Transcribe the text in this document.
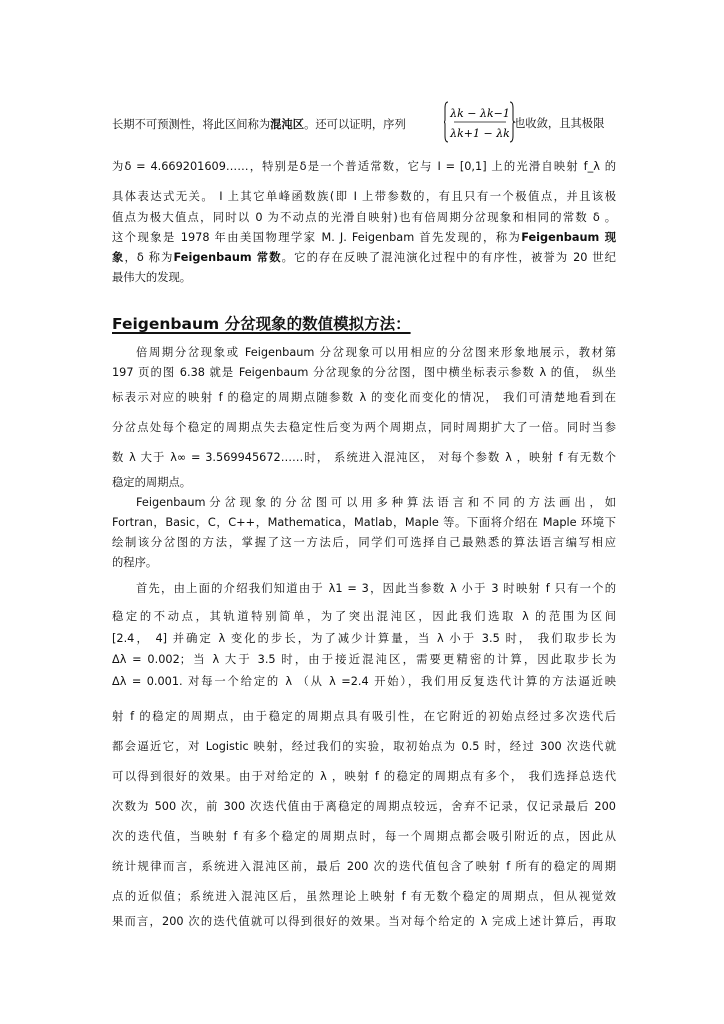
长期不可预测性，将此区间称为混沌区。还可以证明，序列

λk − λk−1
λk+1 − λk

也收敛，且其极限

为δ = 4.669201609……，特别是δ是一个普适常数，它与 I = [0,1] 上的光滑自映射 f_λ 的

具体表达式无关。 I 上其它单峰函数族(即 I 上带参数的，有且只有一个极值点，并且该极

值点为极大值点，同时以 0 为不动点的光滑自映射)也有倍周期分岔现象和相同的常数 δ 。

这个现象是 1978 年由美国物理学家 M. J. Feigenbam 首先发现的，称为Feigenbaum 现

象，δ 称为Feigenbaum 常数。它的存在反映了混沌演化过程中的有序性，被誉为 20 世纪

最伟大的发现。

Feigenbaum 分岔现象的数值模拟方法：

倍周期分岔现象或 Feigenbaum 分岔现象可以用相应的分岔图来形象地展示，教材第

197 页的图 6.38 就是 Feigenbaum 分岔现象的分岔图，图中横坐标表示参数 λ 的值， 纵坐

标表示对应的映射 f 的稳定的周期点随参数 λ 的变化而变化的情况， 我们可清楚地看到在

分岔点处每个稳定的周期点失去稳定性后变为两个周期点，同时周期扩大了一倍。同时当参

数 λ 大于 λ∞ = 3.569945672……时， 系统进入混沌区， 对每个参数 λ ，映射 f 有无数个

稳定的周期点。

Feigenbaum 分 岔 现 象 的 分 岔 图 可 以 用 多 种 算 法 语 言 和 不 同 的 方 法 画 出 ， 如

Fortran，Basic，C，C++，Mathematica，Matlab，Maple 等。下面将介绍在 Maple 环境下

绘制该分岔图的方法，掌握了这一方法后，同学们可选择自己最熟悉的算法语言编写相应

的程序。

首先，由上面的介绍我们知道由于 λ1 = 3，因此当参数 λ 小于 3 时映射 f 只有一个的

稳定的不动点，其轨道特别简单，为了突出混沌区，因此我们选取 λ 的范围为区间

[2.4， 4] 并确定 λ 变化的步长，为了减少计算量，当 λ 小于 3.5 时， 我们取步长为

Δλ = 0.002；当 λ 大于 3.5 时，由于接近混沌区，需要更精密的计算，因此取步长为

Δλ = 0.001. 对每一个给定的 λ （从 λ =2.4 开始），我们用反复迭代计算的方法逼近映

射 f 的稳定的周期点，由于稳定的周期点具有吸引性，在它附近的初始点经过多次迭代后

都会逼近它，对 Logistic 映射，经过我们的实验，取初始点为 0.5 时，经过 300 次迭代就

可以得到很好的效果。由于对给定的 λ ，映射 f 的稳定的周期点有多个， 我们选择总迭代

次数为 500 次，前 300 次迭代值由于离稳定的周期点较远，舍弃不记录，仅记录最后 200

次的迭代值，当映射 f 有多个稳定的周期点时，每一个周期点都会吸引附近的点，因此从

统计规律而言，系统进入混沌区前，最后 200 次的迭代值包含了映射 f 所有的稳定的周期

点的近似值；系统进入混沌区后，虽然理论上映射 f 有无数个稳定的周期点，但从视觉效

果而言，200 次的迭代值就可以得到很好的效果。当对每个给定的 λ 完成上述计算后，再取
